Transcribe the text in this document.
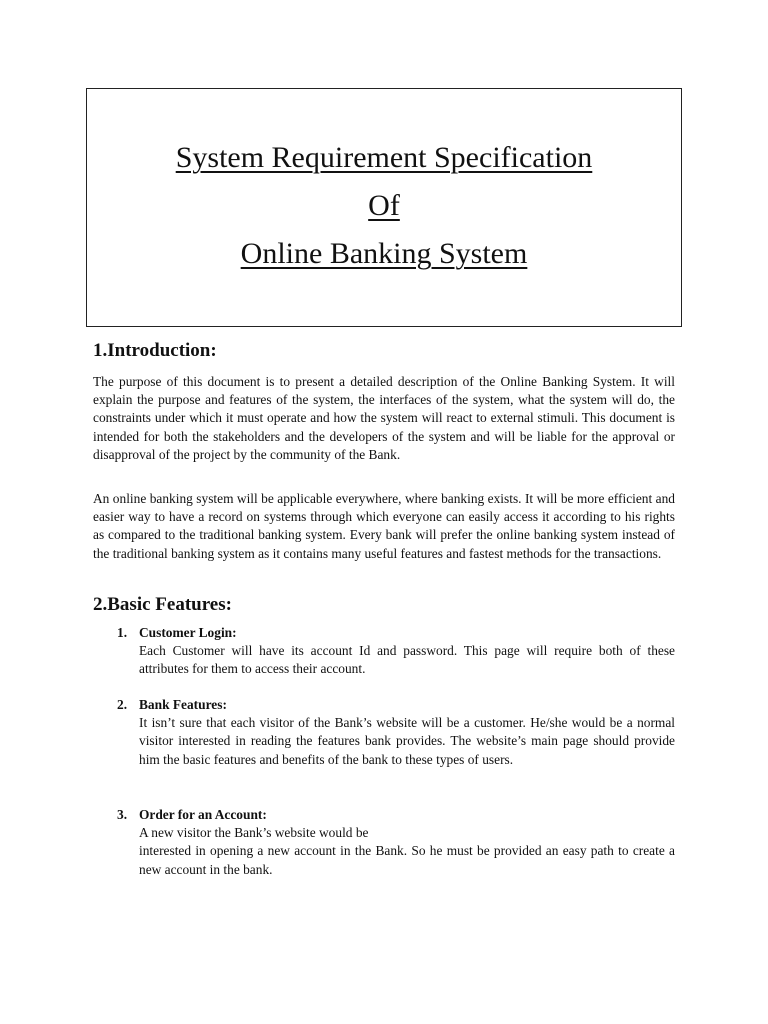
System Requirement Specification
Of
Online Banking System
1.Introduction:

The purpose of this document is to present a detailed description of the Online Banking System. It will explain the purpose and features of the system, the interfaces of the system, what the system will do, the constraints under which it must operate and how the system will react to external stimuli. This document is intended for both the stakeholders and the developers of the system and will be liable for the approval or disapproval of the project by the community of the Bank.

An online banking system will be applicable everywhere, where banking exists. It will be more efficient and easier way to have a record on systems through which everyone can easily access it according to his rights as compared to the traditional banking system. Every bank will prefer the online banking system instead of the traditional banking system as it contains many useful features and fastest methods for the transactions.

2.Basic Features:
1. Customer Login:

Each Customer will have its account Id and password. This page will require both of these attributes for them to access their account.

2. Bank Features:

It isn’t sure that each visitor of the Bank’s website will be a customer. He/she would be a normal visitor interested in reading the features bank provides. The website’s main page should provide him the basic features and benefits of the bank to these types of users.

3. Order for an Account:

A new visitor the Bank’s website would be

interested in opening a new account in the Bank. So he must be provided an easy path to create a new account in the bank.
